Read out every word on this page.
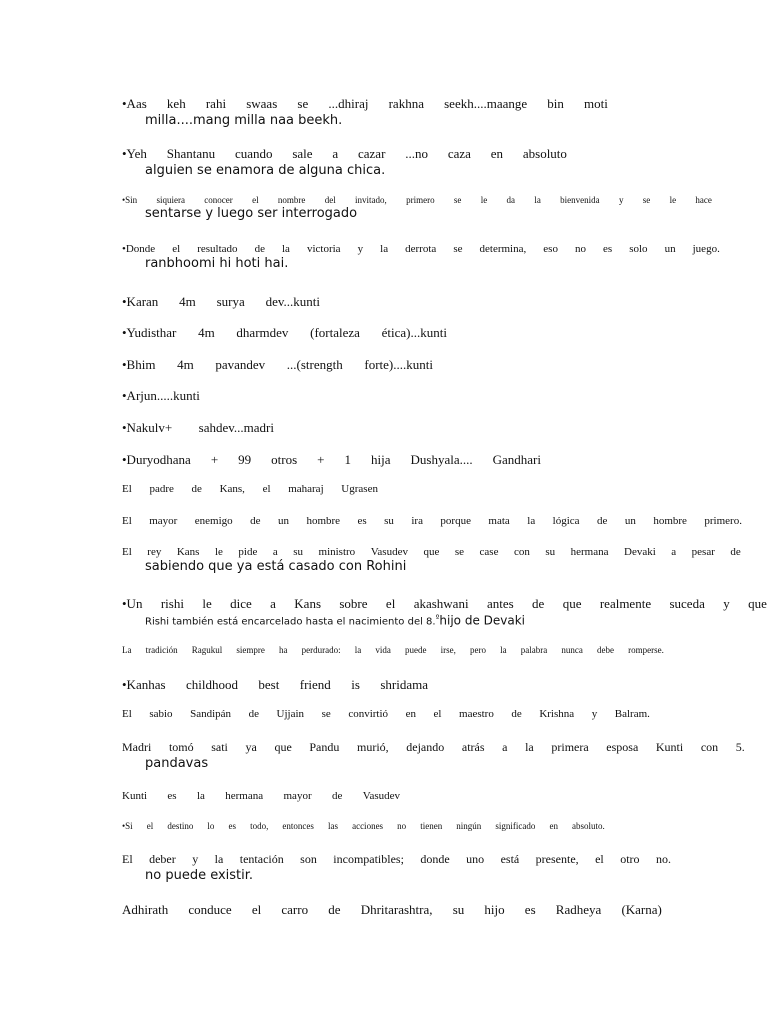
•Aas keh rahi swaas se ...dhiraj rakhna seekh....maange bin moti
milla....mang milla naa beekh.
•Yeh Shantanu cuando sale a cazar ...no caza en absoluto
alguien se enamora de alguna chica.
•Sin siquiera conocer el nombre del invitado, primero se le da la bienvenida y se le hace
sentarse y luego ser interrogado
•Donde el resultado de la victoria y la derrota se determina, eso no es solo un juego.
ranbhoomi hi hoti hai.
•Karan 4m surya dev...kunti
•Yudisthar 4m dharmdev (fortaleza ética)...kunti
•Bhim 4m pavandev ...(strength forte)....kunti
•Arjun.....kunti
•Nakulv+ sahdev...madri
•Duryodhana + 99 otros + 1 hija Dushyala.... Gandhari
El padre de Kans, el maharaj Ugrasen
El mayor enemigo de un hombre es su ira porque mata la lógica de un hombre primero.
El rey Kans le pide a su ministro Vasudev que se case con su hermana Devaki a pesar de
sabiendo que ya está casado con Rohini
•Un rishi le dice a Kans sobre el akashwani antes de que realmente suceda y que
Rishi también está encarcelado hasta el nacimiento del 8.$^º$hijo de Devaki
La tradición Ragukul siempre ha perdurado: la vida puede irse, pero la palabra nunca debe romperse.
•Kanhas childhood best friend is shridama
El sabio Sandipán de Ujjain se convirtió en el maestro de Krishna y Balram.
Madri tomó sati ya que Pandu murió, dejando atrás a la primera esposa Kunti con 5.
pandavas
Kunti es la hermana mayor de Vasudev
•Si el destino lo es todo, entonces las acciones no tienen ningún significado en absoluto.
El deber y la tentación son incompatibles; donde uno está presente, el otro no.
no puede existir.
Adhirath conduce el carro de Dhritarashtra, su hijo es Radheya (Karna)
